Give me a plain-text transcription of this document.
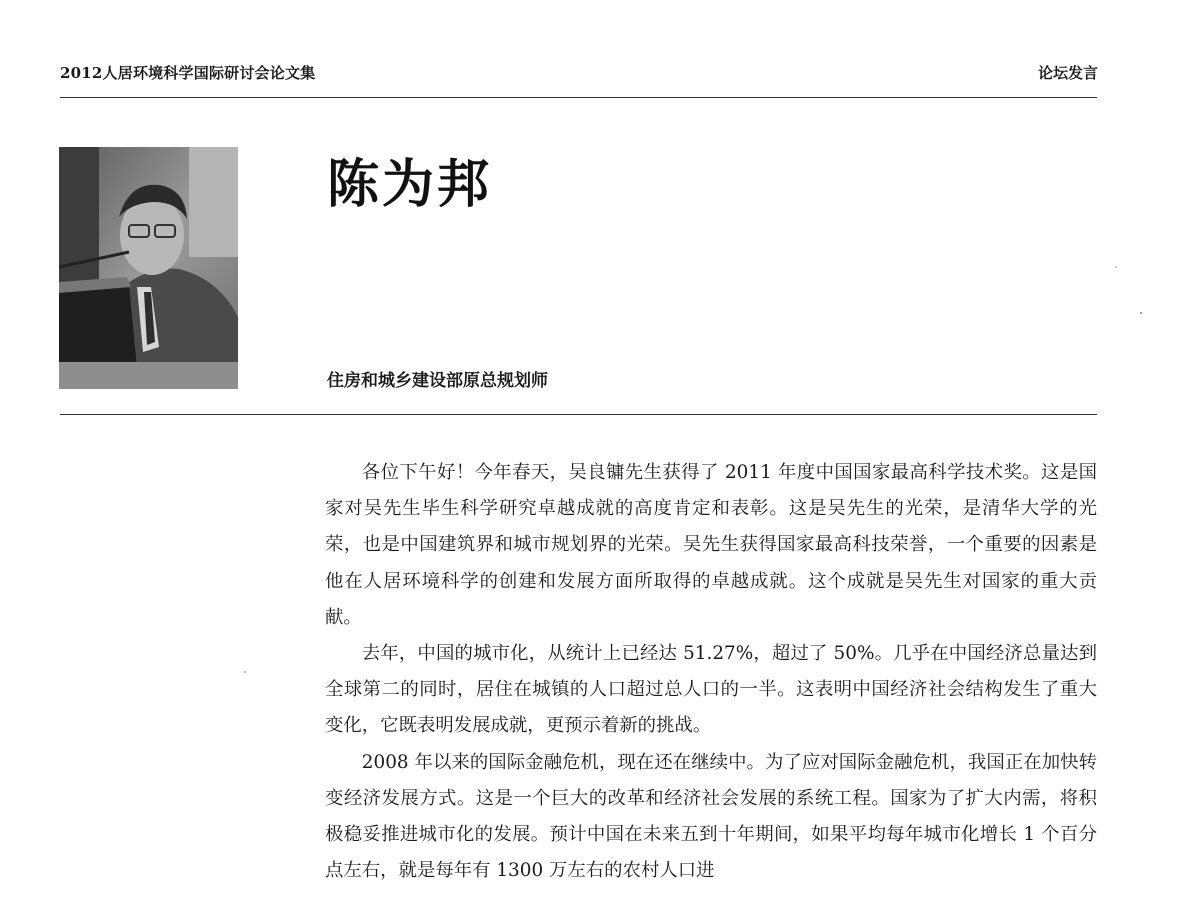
2012人居环境科学国际研讨会论文集	论坛发言
陈为邦
住房和城乡建设部原总规划师

各位下午好！今年春天，吴良镛先生获得了 2011 年度中国国家最高科学技术奖。这是国家对吴先生毕生科学研究卓越成就的高度肯定和表彰。这是吴先生的光荣，是清华大学的光荣，也是中国建筑界和城市规划界的光荣。吴先生获得国家最高科技荣誉，一个重要的因素是他在人居环境科学的创建和发展方面所取得的卓越成就。这个成就是吴先生对国家的重大贡献。

去年，中国的城市化，从统计上已经达 51.27%，超过了 50%。几乎在中国经济总量达到全球第二的同时，居住在城镇的人口超过总人口的一半。这表明中国经济社会结构发生了重大变化，它既表明发展成就，更预示着新的挑战。

2008 年以来的国际金融危机，现在还在继续中。为了应对国际金融危机，我国正在加快转变经济发展方式。这是一个巨大的改革和经济社会发展的系统工程。国家为了扩大内需，将积极稳妥推进城市化的发展。预计中国在未来五到十年期间，如果平均每年城市化增长 1 个百分点左右，就是每年有 1300 万左右的农村人口进
